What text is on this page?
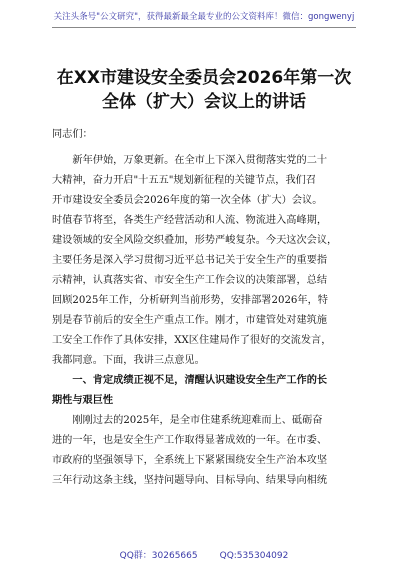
关注头条号"公文研究"，获得最新最全最专业的公文资料库！微信：gongwenyj
在XX市建设安全委员会2026年第一次
全体（扩大）会议上的讲话

同志们：

新年伊始，万象更新。在全市上下深入贯彻落实党的二十
大精神，奋力开启"十五五"规划新征程的关键节点，我们召
开市建设安全委员会2026年度的第一次全体（扩大）会议。
时值春节将至，各类生产经营活动和人流、物流进入高峰期，
建设领域的安全风险交织叠加，形势严峻复杂。今天这次会议，
主要任务是深入学习贯彻习近平总书记关于安全生产的重要指
示精神，认真落实省、市安全生产工作会议的决策部署，总结
回顾2025年工作，分析研判当前形势，安排部署2026年，特
别是春节前后的安全生产重点工作。刚才，市建管处对建筑施
工安全工作作了具体安排，XX区住建局作了很好的交流发言，
我都同意。下面，我讲三点意见。
一、肯定成绩正视不足，清醒认识建设安全生产工作的长
期性与艰巨性
刚刚过去的2025年，是全市住建系统迎难而上、砥砺奋
进的一年，也是安全生产工作取得显著成效的一年。在市委、
市政府的坚强领导下，全系统上下紧紧围绕安全生产治本攻坚
三年行动这条主线，坚持问题导向、目标导向、结果导向相统
QQ群：30265665 QQ:535304092
